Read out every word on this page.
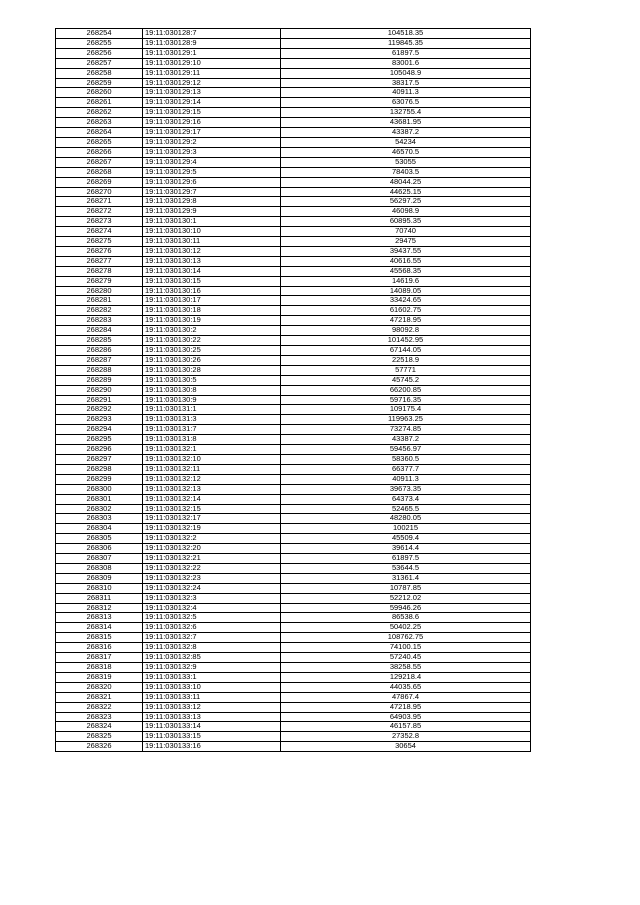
268254	19:11:030128:7	104518.35
268255	19:11:030128:9	119845.35
268256	19:11:030129:1	61897.5
268257	19:11:030129:10	83001.6
268258	19:11:030129:11	105048.9
268259	19:11:030129:12	38317.5
268260	19:11:030129:13	40911.3
268261	19:11:030129:14	63076.5
268262	19:11:030129:15	132755.4
268263	19:11:030129:16	43681.95
268264	19:11:030129:17	43387.2
268265	19:11:030129:2	54234
268266	19:11:030129:3	46570.5
268267	19:11:030129:4	53055
268268	19:11:030129:5	78403.5
268269	19:11:030129:6	48044.25
268270	19:11:030129:7	44625.15
268271	19:11:030129:8	56297.25
268272	19:11:030129:9	46098.9
268273	19:11:030130:1	60895.35
268274	19:11:030130:10	70740
268275	19:11:030130:11	29475
268276	19:11:030130:12	39437.55
268277	19:11:030130:13	40616.55
268278	19:11:030130:14	45568.35
268279	19:11:030130:15	14619.6
268280	19:11:030130:16	14089.05
268281	19:11:030130:17	33424.65
268282	19:11:030130:18	61602.75
268283	19:11:030130:19	47218.95
268284	19:11:030130:2	98092.8
268285	19:11:030130:22	101452.95
268286	19:11:030130:25	67144.05
268287	19:11:030130:26	22518.9
268288	19:11:030130:28	57771
268289	19:11:030130:5	45745.2
268290	19:11:030130:8	66200.85
268291	19:11:030130:9	59716.35
268292	19:11:030131:1	109175.4
268293	19:11:030131:3	119963.25
268294	19:11:030131:7	73274.85
268295	19:11:030131:8	43387.2
268296	19:11:030132:1	59456.97
268297	19:11:030132:10	58360.5
268298	19:11:030132:11	66377.7
268299	19:11:030132:12	40911.3
268300	19:11:030132:13	39673.35
268301	19:11:030132:14	64373.4
268302	19:11:030132:15	52465.5
268303	19:11:030132:17	48280.05
268304	19:11:030132:19	100215
268305	19:11:030132:2	45509.4
268306	19:11:030132:20	39614.4
268307	19:11:030132:21	61897.5
268308	19:11:030132:22	53644.5
268309	19:11:030132:23	31361.4
268310	19:11:030132:24	10787.85
268311	19:11:030132:3	52212.02
268312	19:11:030132:4	59946.26
268313	19:11:030132:5	86538.6
268314	19:11:030132:6	50402.25
268315	19:11:030132:7	108762.75
268316	19:11:030132:8	74100.15
268317	19:11:030132:85	57240.45
268318	19:11:030132:9	38258.55
268319	19:11:030133:1	129218.4
268320	19:11:030133:10	44035.65
268321	19:11:030133:11	47867.4
268322	19:11:030133:12	47218.95
268323	19:11:030133:13	64903.95
268324	19:11:030133:14	46157.85
268325	19:11:030133:15	27352.8
268326	19:11:030133:16	30654
